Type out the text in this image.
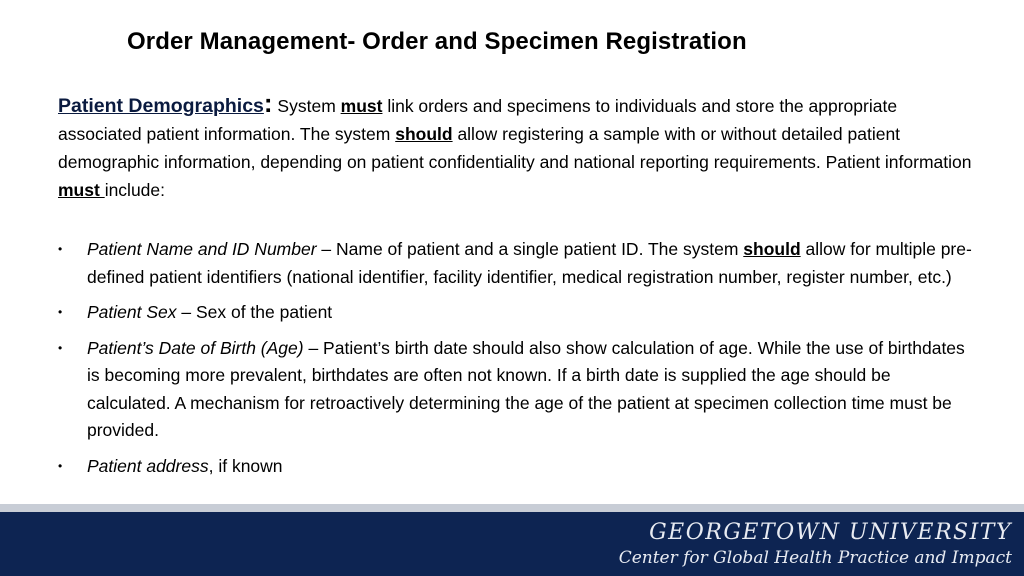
Order Management- Order and Specimen Registration

Patient Demographics: System must link orders and specimens to individuals and store the appropriate associated patient information. The system should allow registering a sample with or without detailed patient demographic information, depending on patient confidentiality and national reporting requirements. Patient information must include:

• Patient Name and ID Number – Name of patient and a single patient ID. The system should allow for multiple pre-defined patient identifiers (national identifier, facility identifier, medical registration number, register number, etc.)
• Patient Sex – Sex of the patient
• Patient’s Date of Birth (Age) – Patient’s birth date should also show calculation of age. While the use of birthdates is becoming more prevalent, birthdates are often not known. If a birth date is supplied the age should be calculated. A mechanism for retroactively determining the age of the patient at specimen collection time must be provided.
• Patient address, if known
GEORGETOWN UNIVERSITY
Center for Global Health Practice and Impact
